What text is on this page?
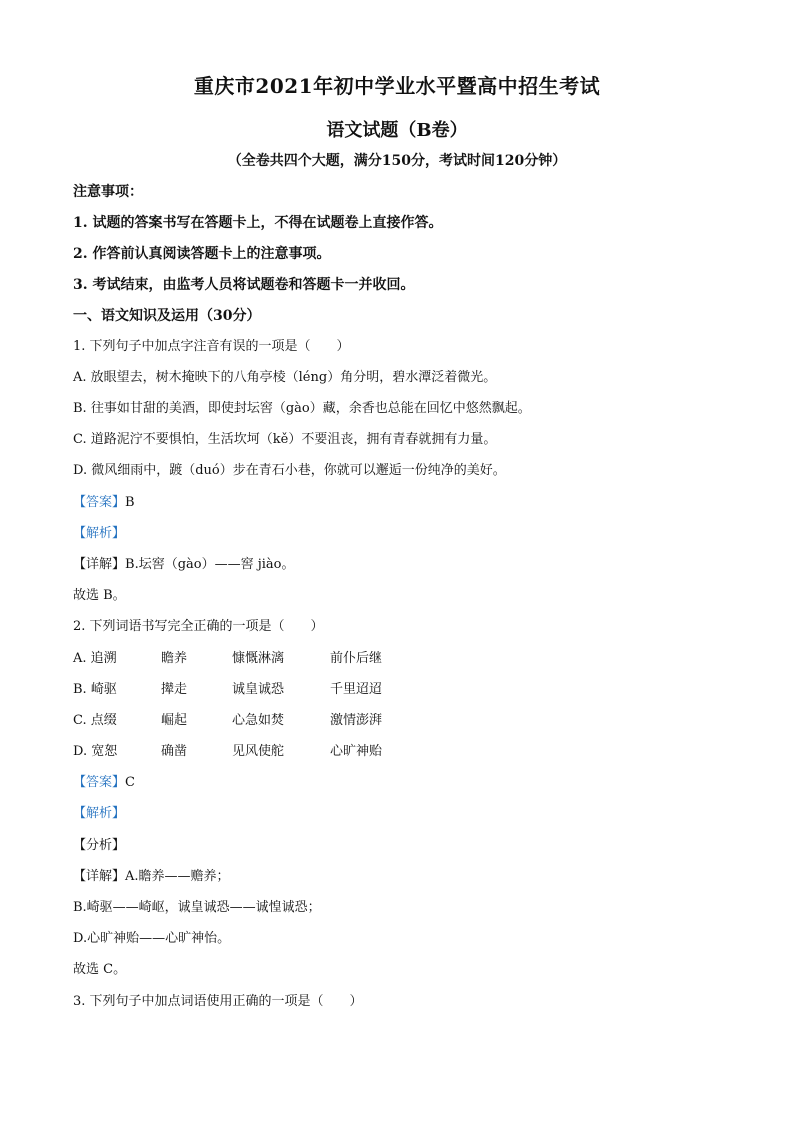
重庆市2021年初中学业水平暨高中招生考试
语文试题（B卷）
（全卷共四个大题，满分150分，考试时间120分钟）
注意事项：
1. 试题的答案书写在答题卡上，不得在试题卷上直接作答。
2. 作答前认真阅读答题卡上的注意事项。
3. 考试结束，由监考人员将试题卷和答题卡一并收回。
一、语文知识及运用（30分）
1. 下列句子中加点字注音有误的一项是（　　）
A. 放眼望去，树木掩映下的八角亭棱（léng）角分明，碧水潭泛着微光。
B. 往事如甘甜的美酒，即使封坛窖（gào）藏，余香也总能在回忆中悠然飘起。
C. 道路泥泞不要惧怕，生活坎坷（kě）不要沮丧，拥有青春就拥有力量。
D. 微风细雨中，踱（duó）步在青石小巷，你就可以邂逅一份纯净的美好。
【答案】B
【解析】
【详解】B.坛窖（gào）——窖 jiào。
故选 B。
2. 下列词语书写完全正确的一项是（　　）
A. 追溯	瞻养	慷慨淋漓	前仆后继
B. 崎驱	撵走	诚皇诚恐	千里迢迢
C. 点缀	崛起	心急如焚	激情澎湃
D. 宽恕	确凿	见风使舵	心旷神贻
【答案】C
【解析】
【分析】
【详解】A.瞻养——赡养；
B.崎驱——崎岖，诚皇诚恐——诚惶诚恐；
D.心旷神贻——心旷神怡。
故选 C。
3. 下列句子中加点词语使用正确的一项是（　　）
